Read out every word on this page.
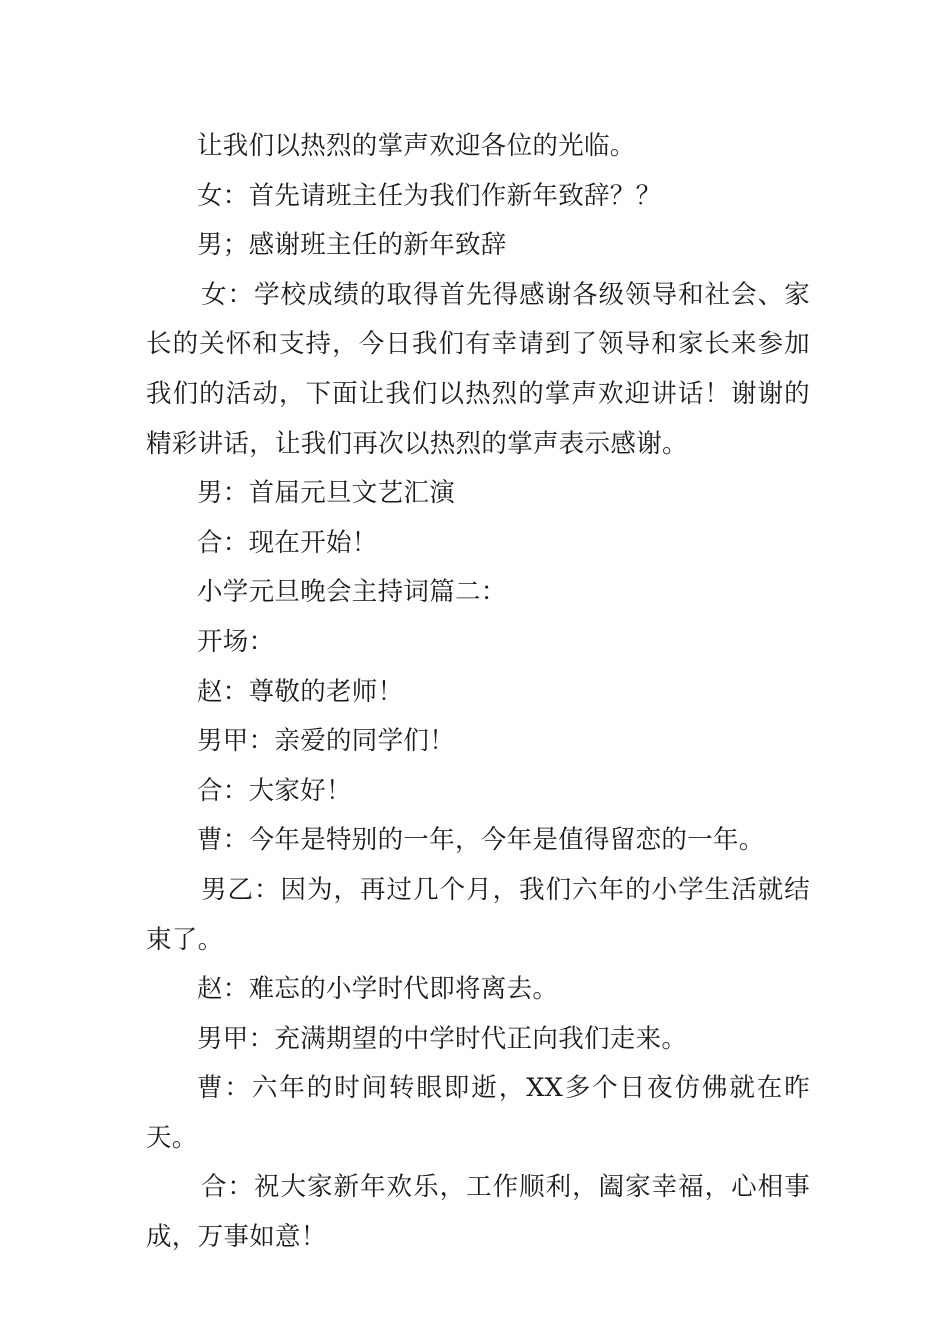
让我们以热烈的掌声欢迎各位的光临。

女：首先请班主任为我们作新年致辞？？

男；感谢班主任的新年致辞

女：学校成绩的取得首先得感谢各级领导和社会、家长的关怀和支持，今日我们有幸请到了领导和家长来参加我们的活动，下面让我们以热烈的掌声欢迎讲话！谢谢的精彩讲话，让我们再次以热烈的掌声表示感谢。

男：首届元旦文艺汇演

合：现在开始！

小学元旦晚会主持词篇二：

开场：

赵：尊敬的老师！

男甲：亲爱的同学们！

合：大家好！

曹：今年是特别的一年，今年是值得留恋的一年。

男乙：因为，再过几个月，我们六年的小学生活就结束了。

赵：难忘的小学时代即将离去。

男甲：充满期望的中学时代正向我们走来。

曹：六年的时间转眼即逝，XX多个日夜仿佛就在昨天。

合：祝大家新年欢乐，工作顺利，阖家幸福，心相事成，万事如意！
